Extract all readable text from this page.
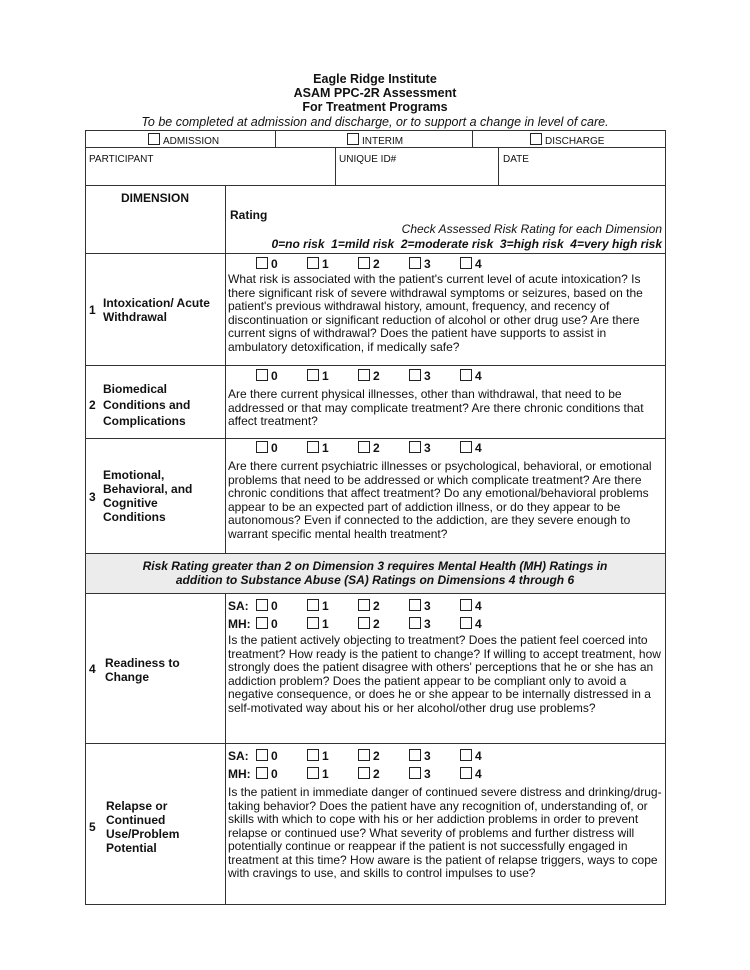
Eagle Ridge Institute
ASAM PPC-2R Assessment
For Treatment Programs
To be completed at admission and discharge, or to support a change in level of care.
ADMISSION	INTERIM	DISCHARGE
PARTICIPANT	UNIQUE ID#	DATE
DIMENSION
Rating
Check Assessed Risk Rating for each Dimension
0=no risk  1=mild risk  2=moderate risk  3=high risk  4=very high risk
1 Intoxication/ Acute Withdrawal
0	1	2	3	4
What risk is associated with the patient's current level of acute intoxication? Is there significant risk of severe withdrawal symptoms or seizures, based on the patient's previous withdrawal history, amount, frequency, and recency of discontinuation or significant reduction of alcohol or other drug use? Are there current signs of withdrawal? Does the patient have supports to assist in ambulatory detoxification, if medically safe?
2
Biomedical Conditions and Complications
0	1	2	3	4
Are there current physical illnesses, other than withdrawal, that need to be addressed or that may complicate treatment? Are there chronic conditions that affect treatment?
3
Emotional, Behavioral, and Cognitive Conditions
0	1	2	3	4
Are there current psychiatric illnesses or psychological, behavioral, or emotional problems that need to be addressed or which complicate treatment? Are there chronic conditions that affect treatment? Do any emotional/behavioral problems appear to be an expected part of addiction illness, or do they appear to be autonomous? Even if connected to the addiction, are they severe enough to warrant specific mental health treatment?
Risk Rating greater than 2 on Dimension 3 requires Mental Health (MH) Ratings in addition to Substance Abuse (SA) Ratings on Dimensions 4 through 6
4 Readiness to Change
SA:	0	1	2	3	4
MH:	0	1	2	3	4
Is the patient actively objecting to treatment? Does the patient feel coerced into treatment? How ready is the patient to change? If willing to accept treatment, how strongly does the patient disagree with others' perceptions that he or she has an addiction problem? Does the patient appear to be compliant only to avoid a negative consequence, or does he or she appear to be internally distressed in a self-motivated way about his or her alcohol/other drug use problems?
5
Relapse or Continued Use/Problem Potential
SA:	0	1	2	3	4
MH:	0	1	2	3	4
Is the patient in immediate danger of continued severe distress and drinking/drug-taking behavior? Does the patient have any recognition of, understanding of, or skills with which to cope with his or her addiction problems in order to prevent relapse or continued use? What severity of problems and further distress will potentially continue or reappear if the patient is not successfully engaged in treatment at this time? How aware is the patient of relapse triggers, ways to cope with cravings to use, and skills to control impulses to use?
